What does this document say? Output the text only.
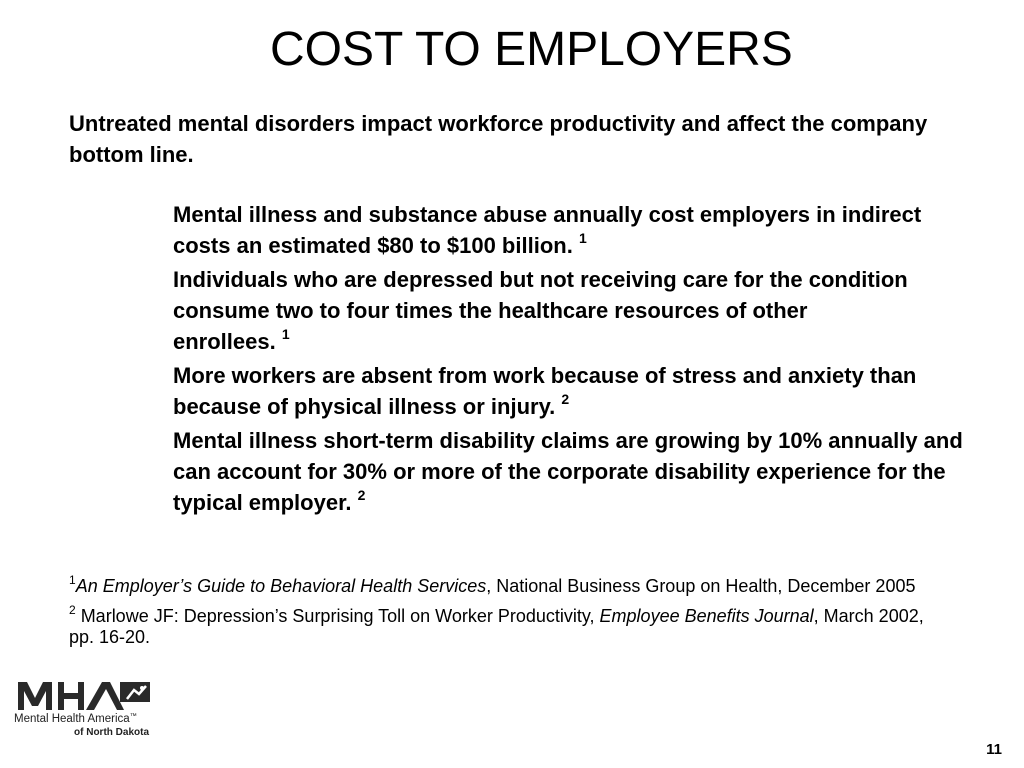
COST TO EMPLOYERS

Untreated mental disorders impact workforce productivity and affect the company bottom line.

Mental illness and substance abuse annually cost employers in indirect costs an estimated $80 to $100 billion. $^1$
Individuals who are depressed but not receiving care for the condition consume two to four times the healthcare resources of other
enrollees. $^1$
More workers are absent from work because of stress and anxiety than because of physical illness or injury. $^2$
Mental illness short-term disability claims are growing by 10% annually and can account for 30% or more of the corporate disability experience for the typical employer. $^2$

$^1$An Employer’s Guide to Behavioral Health Services, National Business Group on Health, December 2005

$^2$ Marlowe JF: Depression’s Surprising Toll on Worker Productivity, Employee Benefits Journal, March 2002, pp. 16-20.

Mental Health America™
of North Dakota
11
